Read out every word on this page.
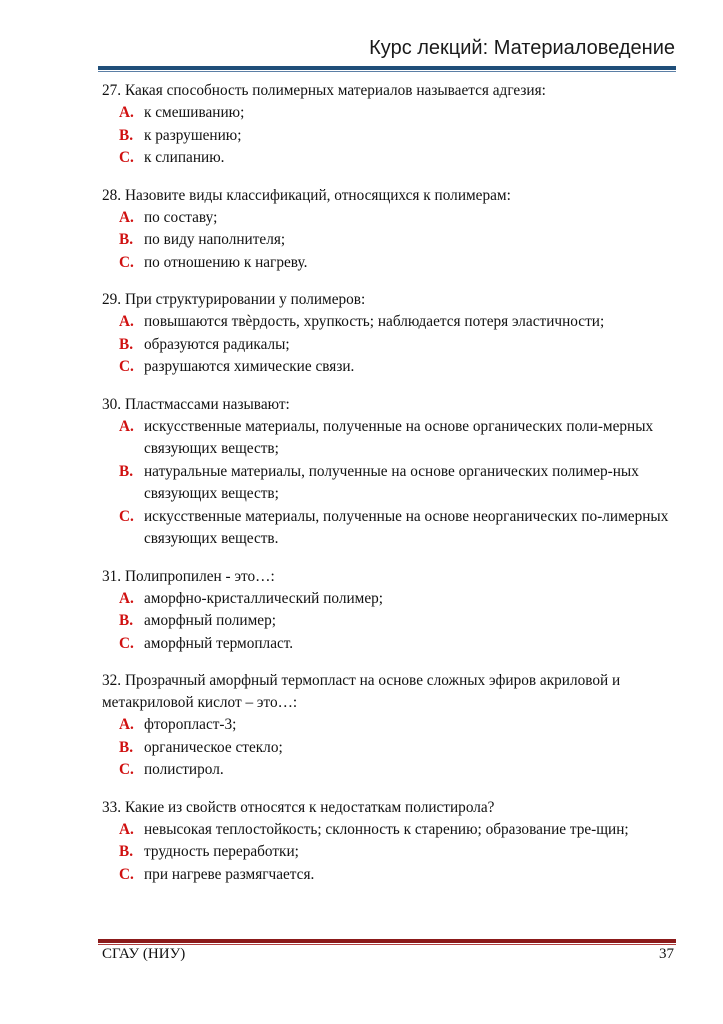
Курс лекций: Материаловедение
27. Какая способность полимерных материалов называется адгезия:
A. к смешиванию;
B. к разрушению;
C. к слипанию.
28. Назовите виды классификаций, относящихся к полимерам:
A. по составу;
B. по виду наполнителя;
C. по отношению к нагреву.
29. При структурировании у полимеров:
A. повышаются твѐрдость, хрупкость; наблюдается потеря эластичности;
B. образуются радикалы;
C. разрушаются химические связи.
30. Пластмассами называют:
A. искусственные материалы, полученные на основе органических поли-мерных связующих веществ;
B. натуральные материалы, полученные на основе органических полимер-ных связующих веществ;
C. искусственные материалы, полученные на основе неорганических по-лимерных связующих веществ.
31. Полипропилен - это…:
A. аморфно-кристаллический полимер;
B. аморфный полимер;
C. аморфный термопласт.
32. Прозрачный аморфный термопласт на основе сложных эфиров акриловой и метакриловой кислот – это…:
A. фторопласт-3;
B. органическое стекло;
C. полистирол.
33. Какие из свойств относятся к недостаткам полистирола?
A. невысокая теплостойкость; склонность к старению; образование тре-щин;
B. трудность переработки;
C. при нагреве размягчается.
СГАУ (НИУ)	37
